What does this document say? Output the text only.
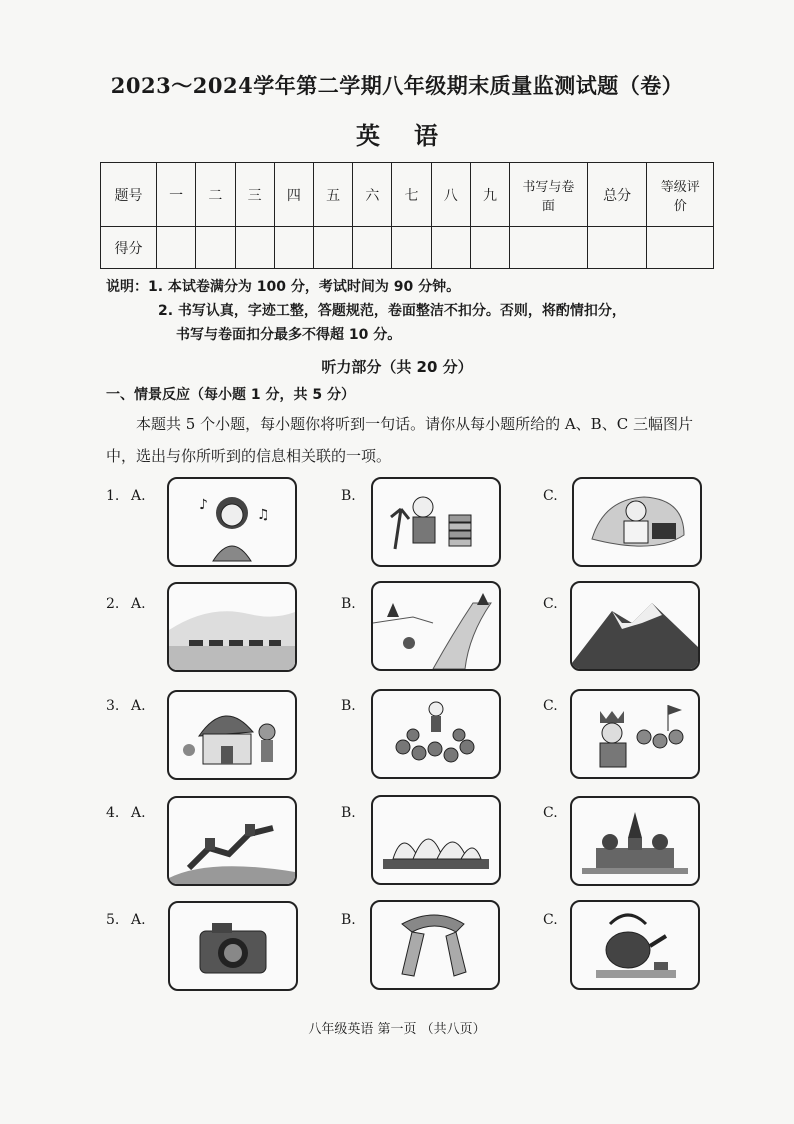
2023～2024学年第二学期八年级期末质量监测试题（卷）
英语
题号	一	二	三	四	五	六	七	八	九	书写与卷面	总分	等级评价
得分												
说明：1. 本试卷满分为 100 分，考试时间为 90 分钟。
2. 书写认真，字迹工整，答题规范，卷面整洁不扣分。否则，将酌情扣分，
书写与卷面扣分最多不得超 10 分。
听力部分（共 20 分）
一、情景反应（每小题 1 分，共 5 分）

本题共 5 个小题，每小题你将听到一句话。请你从每小题所给的 A、B、C 三幅图片中，选出与你所听到的信息相关联的一项。

1. A.
♪
♫
B.	C.
2. A.	B.	C.
3. A.	B.	C.
4. A.	B.	C.
5. A.	B.	C.
八年级英语 第一页 （共八页）
